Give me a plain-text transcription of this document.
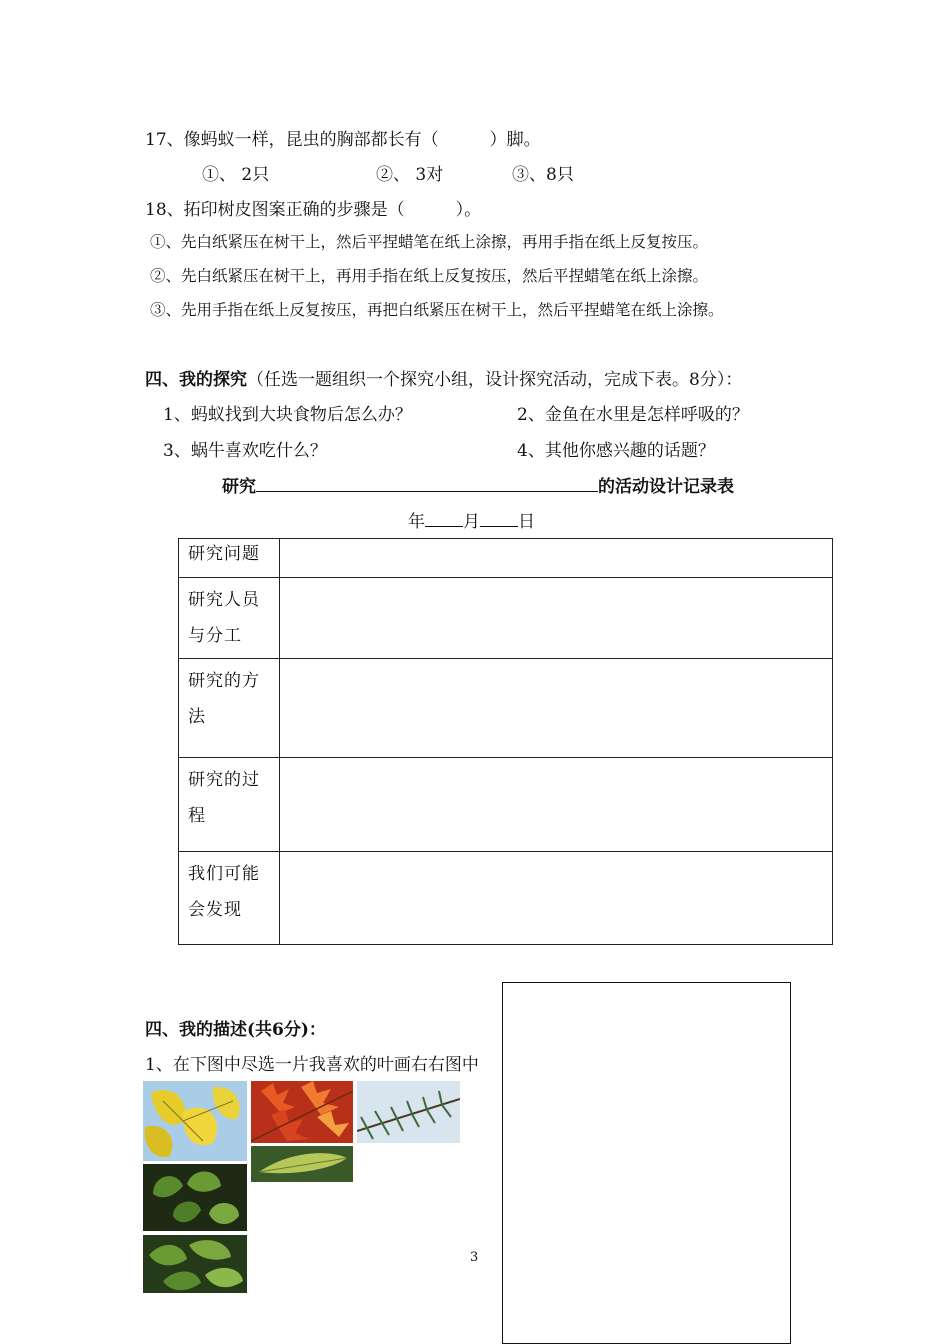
17、像蚂蚁一样，昆虫的胸部都长有（　　　）脚。
①、 2只	②、 3对	③、8只
18、拓印树皮图案正确的步骤是（　　　）。
①、先白纸紧压在树干上，然后平捏蜡笔在纸上涂擦，再用手指在纸上反复按压。
②、先白纸紧压在树干上，再用手指在纸上反复按压，然后平捏蜡笔在纸上涂擦。
③、先用手指在纸上反复按压，再把白纸紧压在树干上，然后平捏蜡笔在纸上涂擦。
四、我的探究（任选一题组织一个探究小组，设计探究活动，完成下表。8分）：
1、蚂蚁找到大块食物后怎么办？	2、金鱼在水里是怎样呼吸的？
3、蜗牛喜欢吃什么？	4、其他你感兴趣的话题？
研究	的活动设计记录表
年 月 日
研究问题	
研究人员与分工	
研究的方法	
研究的过程	
我们可能会发现	
四、我的描述(共6分)：
1、在下图中尽选一片我喜欢的叶画右右图中
3
